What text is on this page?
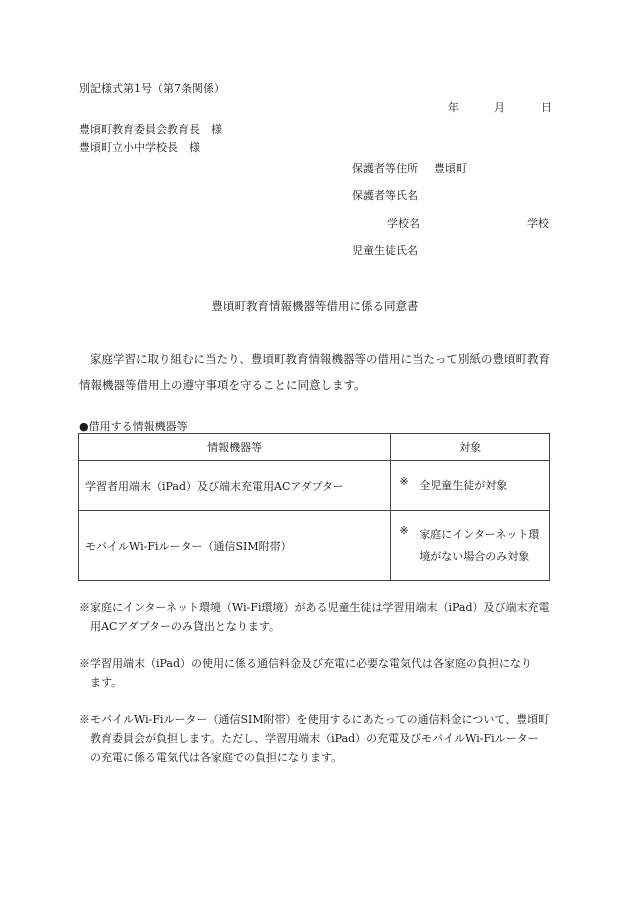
別記様式第1号（第7条関係）
年	月	日
豊頃町教育委員会教育長　様
豊頃町立小中学校長　様
保護者等住所 豊頃町
保護者等氏名
学校名	学校
児童生徒氏名
豊頃町教育情報機器等借用に係る同意書
家庭学習に取り組むに当たり、豊頃町教育情報機器等の借用に当たって別紙の豊頃町教育情報機器等借用上の遵守事項を守ることに同意します。
●借用する情報機器等
情報機器等	対象
学習者用端末（iPad）及び端末充電用ACアダプター	※ 全児童生徒が対象

モバイルWi-Fiルーター（通信SIM附帯）	※ 家庭にインターネット環境がない場合のみ対象
※家庭にインターネット環境（Wi-Fi環境）がある児童生徒は学習用端末（iPad）及び端末充電
用ACアダプターのみ貸出となります。
※学習用端末（iPad）の使用に係る通信料金及び充電に必要な電気代は各家庭の負担になり
ます。
※モバイルWi-Fiルーター（通信SIM附帯）を使用するにあたっての通信料金について、豊頃町
教育委員会が負担します。ただし、学習用端末（iPad）の充電及びモバイルWi-Fiルーター
の充電に係る電気代は各家庭での負担になります。
